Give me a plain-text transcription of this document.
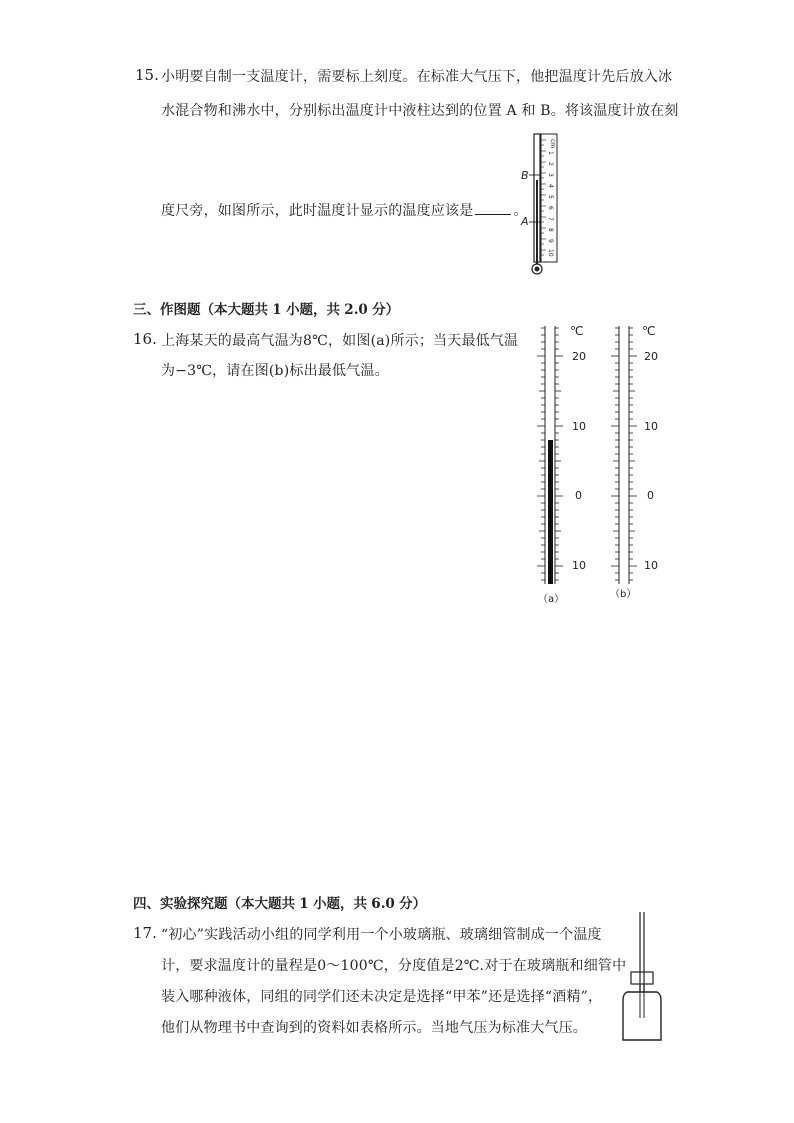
15. 小明要自制一支温度计，需要标上刻度。在标准大气压下，他把温度计先后放入冰
水混合物和沸水中，分别标出温度计中液柱达到的位置 A 和 B。将该温度计放在刻
度尺旁，如图所示，此时温度计显示的温度应该是	。
cm
1
2
3
4
5
6
7
8
9
10
B
A
三、作图题（本大题共 1 小题，共 2.0 分）
16. 上海某天的最高气温为8℃，如图(a)所示；当天最低气温
为−3℃，请在图(b)标出最低气温。
℃
20
10
0
10
（a）
℃
20
10
0
10
（b）
四、实验探究题（本大题共 1 小题，共 6.0 分）
17. “初心”实践活动小组的同学利用一个小玻璃瓶、玻璃细管制成一个温度
计，要求温度计的量程是0～100℃，分度值是2℃.对于在玻璃瓶和细管中
装入哪种液体，同组的同学们还未决定是选择“甲苯”还是选择“酒精”，
他们从物理书中查询到的资料如表格所示。当地气压为标准大气压。
